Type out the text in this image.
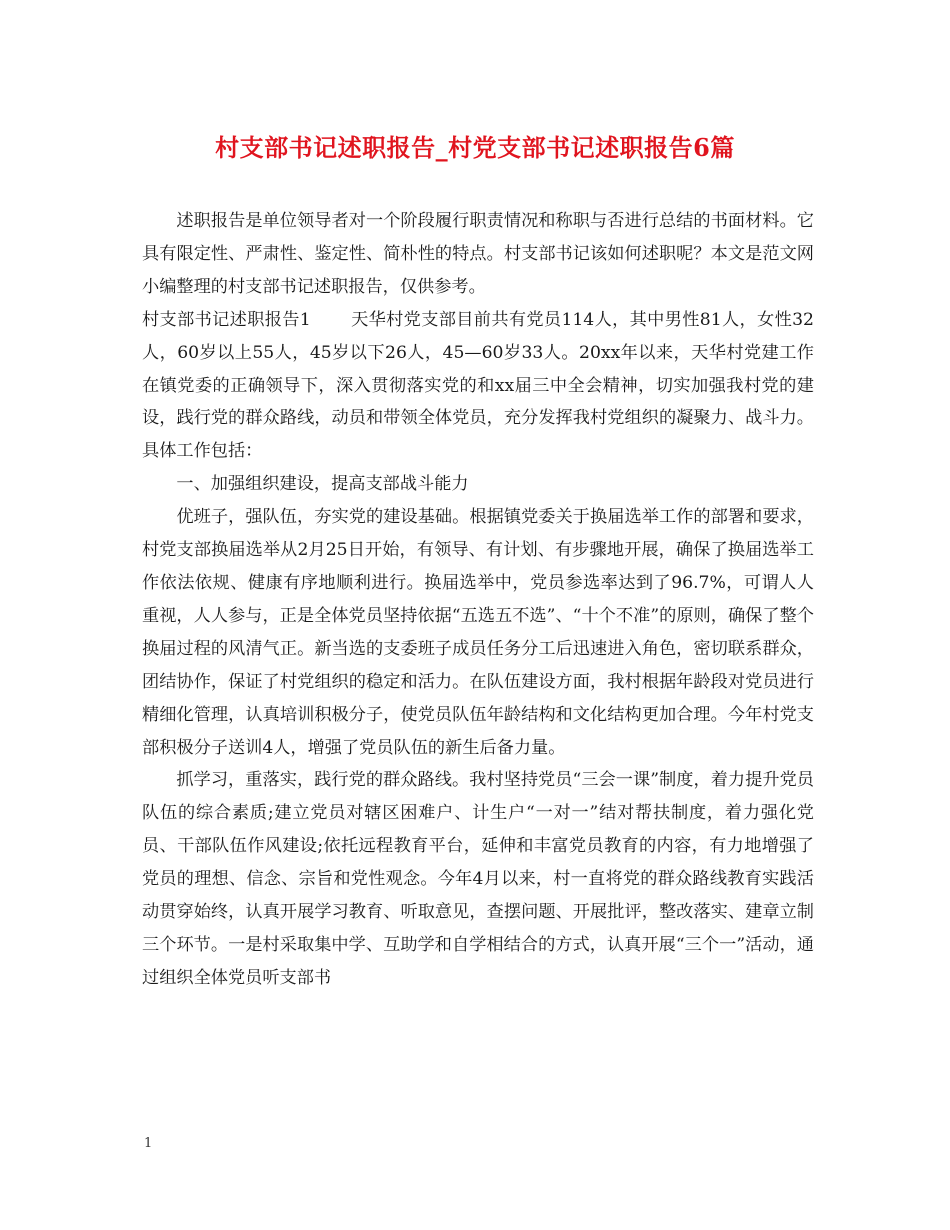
村支部书记述职报告_村党支部书记述职报告6篇

述职报告是单位领导者对一个阶段履行职责情况和称职与否进行总结的书面材料。它具有限定性、严肃性、鉴定性、简朴性的特点。村支部书记该如何述职呢？本文是范文网小编整理的村支部书记述职报告，仅供参考。

村支部书记述职报告1 天华村党支部目前共有党员114人，其中男性81人，女性32人，60岁以上55人，45岁以下26人，45—60岁33人。20xx年以来，天华村党建工作在镇党委的正确领导下，深入贯彻落实党的和xx届三中全会精神，切实加强我村党的建设，践行党的群众路线，动员和带领全体党员，充分发挥我村党组织的凝聚力、战斗力。具体工作包括：

一、加强组织建设，提高支部战斗能力

优班子，强队伍，夯实党的建设基础。根据镇党委关于换届选举工作的部署和要求，村党支部换届选举从2月25日开始，有领导、有计划、有步骤地开展，确保了换届选举工作依法依规、健康有序地顺利进行。换届选举中，党员参选率达到了96.7%，可谓人人重视，人人参与，正是全体党员坚持依据“五选五不选”、“十个不准”的原则，确保了整个换届过程的风清气正。新当选的支委班子成员任务分工后迅速进入角色，密切联系群众，团结协作，保证了村党组织的稳定和活力。在队伍建设方面，我村根据年龄段对党员进行精细化管理，认真培训积极分子，使党员队伍年龄结构和文化结构更加合理。今年村党支部积极分子送训4人，增强了党员队伍的新生后备力量。

抓学习，重落实，践行党的群众路线。我村坚持党员“三会一课”制度，着力提升党员队伍的综合素质;建立党员对辖区困难户、计生户“一对一”结对帮扶制度，着力强化党员、干部队伍作风建设;依托远程教育平台，延伸和丰富党员教育的内容，有力地增强了党员的理想、信念、宗旨和党性观念。今年4月以来，村一直将党的群众路线教育实践活动贯穿始终，认真开展学习教育、听取意见，查摆问题、开展批评，整改落实、建章立制三个环节。一是村采取集中学、互助学和自学相结合的方式，认真开展“三个一”活动，通过组织全体党员听支部书

1
